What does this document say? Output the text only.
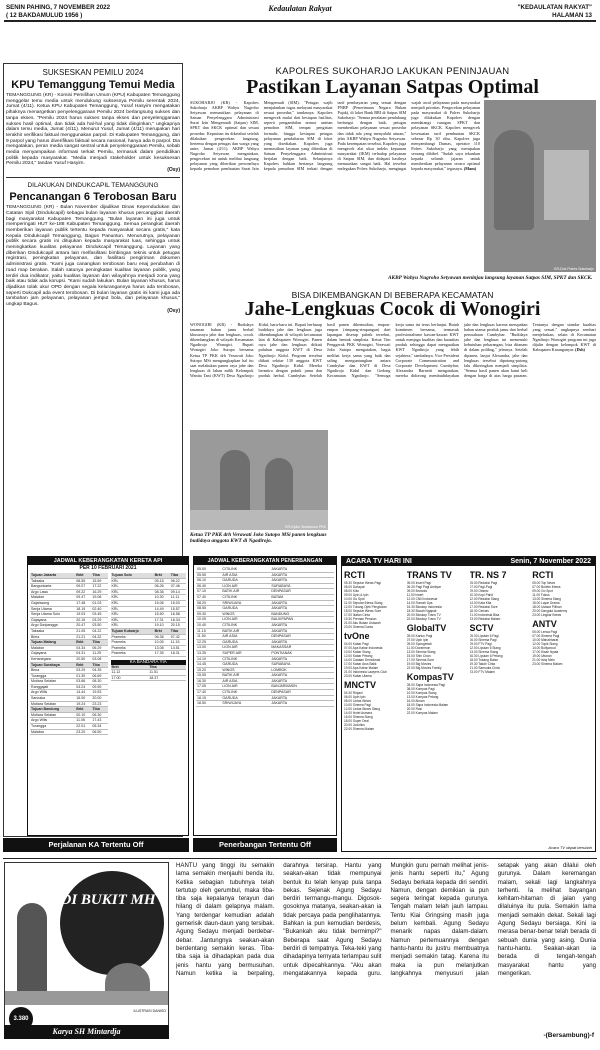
SENIN PAHING, 7 NOVEMBER 2022
( 12 BAKDAMULUD 1956 )
Kedaulatan Rakyat	"KEDAULATAN RAKYAT"
HALAMAN 13
SUKSESKAN PEMILU 2024
KPU Temanggung Temui Media
TEMANGGUNG (KR) - Komisi Pemilihan Umum (KPU) Kabupaten Temanggung menggelar temu media untuk mendukung suksesnya Pemilu serentak 2024, Jumat (4/11). Ketua KPU Kabupaten Temanggung, Yusuf Hasyim mengatakan pihaknya menargetkan penyelenggaraan Pemilu 2024 berlangsung sukses dan tanpa ekses. "Pemilu 2024 harus sukses tanpa ekses dan penyelenggaraan sukses hasil optimal, dan tidak ada hal-hal yang tidak diinginkan," ungkapnya dalam temu media, Jumat (4/11). Menurut Yusuf, Jumat (4/11) merupakan hari terakhir verifikasi faktual menggunakan parpol. Di Kabupaten Temanggung, dari 9 parpol yang harus diverifikasi faktual secara nasional, hanya ada 6 parpol. Dia mengatakan, peran media sangat sentral untuk penyelenggaraan Pemilu, sebab media menyampaikan informasi terkait Pemilu, termasuk dalam pendidikan politik kepada masyarakat. "Media menjadi stakeholder untuk kesuksesan Pemilu 2024," tandas Yusuf Hasyim.
(Osy)
DILAKUKAN DINDUKCAPIL TEMANGGUNG
Pencanangan 6 Terobosan Baru
TEMANGGUNG (KR) - Bulan November dijadikan Dinas Kependudukan dan Catatan Sipil (Dindukcapil) sebagai bulan layanan khusus percanggkat daerah bagi masyarakat Kabupaten Temanggung. "Bulan layanan ini juga untuk memperingati HUT ke-188 Kabupaten Temanggung. Semua perangkat daerah memberikan layanan publik tertentu kepada masyarakat secara gratis," kata Kepala Dindukcapil Temanggung, Bagus Panuntun. Menurutnya, pelayanan publik secara gratis ini ditujukan kepada masyarakat luas, sehingga untuk meningkatkan kualitas pelayanan Dindukcapil Temanggung. Layanan yang diberikan Dindukcapil antara lain melfasilitasi bimbingan teknis untuk petugas registrasi, peningkatan pelayanan, dan fasilitasi pengiriman dokumen administrasi gratis. "Kami juga canangkan terobosan baru enaj perubahan di road map berakan. Salah satunya peningkatan kualitas layanan publik, yang terdiri dua indikator, yaitu kualitas layanan dan wilayahnya menjadi zona yang baik atau tidak ada korupsi. "Kami sudah lakukan. Bulan layanan khusus, harus dijadikan tolak ukur OPD dengan segala kelurangannya harus ada terobosan, seperti Dukcapil ada event terobosan. Di bulan layanan gratis ini kami juga ada tambahan jam pelayanan, pelayanan jemput bola, dan pelayanan khusus," ungkap Bagus.
(Osy)
KAPOLRES SUKOHARJO LAKUKAN PENINJAUAN
Pastikan Layanan Satpas Optimal
SUKOHARJO (KR) - Kapolres Sukoharjo AKBP Wahyu Nugroho Setyawan memastikan pelayanan di Satuan Penyelenggara Administrasi Surat Izin Mengemudi (Satpas) SIM, SPKT dan SKCK optimal dan sesuai prosedur. Kepastian itu diketahui setelah dilakukan pengecekan langsung, bertemu dengan petugas dan warga yang antre, Jumat (4/11). AKBP Wahyu Nugroho Setyawan mengatakan, pengecekan ini untuk melihat langsung pelayanan yang diberikan personelnya kepada pemohon pembuatan Surat Izin Mengemudi (SIM). "Petugas wajib menjalankan tugas melayani masyarakat sesuai prosedur," tandasnya. Kapolres mengecek mulai dari kesiapan fasilitas, seperti pengambilan nomor antrian pemohon SIM, tempat pengisian formulir, hingga kesiapan petugas pelayanan pendaftaran SIM di loket yang disediakan. Kapolres juga memastikan layanan yang diberikan di Satuan Penyelenggara Administrasi berjalan dengan baik. Selanjutnya Kapolres bahkan bertanya langsung kepada pemohon SIM terkait dengan tarif pembayaran yang sesuai dengan PNBP (Penerimaan Negara Bukan Pajak), di loket Bank BRI di Satpas SIM Sukoharjo. "Semua peralatan pendukung berfungsi dengan baik, petugas memberikan pelayanan sesuai prosedur dan tidak ada yang menyalahi aturan," jelas AKBP Wahyu Nugroho Setyawan. Pada kesempatan tersebut, Kapolres juga mengecek alat ukur indeks kepuasan masyarakat (IKM) terhadap pelayanan di Satpas SIM, dan didapati hasilnya memuaskan sangat baik. Hal tersebut melegakan Polres Sukoharjo, mengingat wajah awal pelayanan pada masyarakat menjadi prioritas. Pengecekan pelayanan pada masyarakat di Polres Sukoharjo juga dilakukan Kapolres dengan mendatangi ruangan SPKT dan pelayanan SKCK. Kapolres mengecek kesesuaian tarif pembuatan SKCK sebesar Rp 30 ribu. Kapolres juga menyambangi Dumas, operator 110 Polres Sukoharjo yang merupakan seorang dibibel. "Sudah saya tekankan kepada seluruh jajaran untuk memberikan pelayanan secara optimal kepada masyarakat," tegasnya. (Mam)
KR-Dok Polres Sukoharjo
AKBP Wahyu Nugroho Setyawan meninjau langsung layanan Satpas SIM, SPKT dan SKCK.
BISA DIKEMBANGKAN DI BEBERAPA KECAMATAN
Jahe-Lengkuas Cocok di Wonogiri
WONOGIRI (KR) - Budidaya tanaman bahan jamu herbal khususnya jahe dan lengkuas, cocok dikembangkan di wilayah Kecamatan Ngadirojo Wonogiri. Bupati Wonogiri Joko Sutopo bersama Ketua TP PKK drh Verawati Joko Sutopo MSi mengungkapkan hal itu saat melakukan panen raya jahe dan lengkuas di lahan milik Kelompok Wanita Tani (KWT) Desa Ngadirojo Kidul, baru-baru ini. Bupati berharap budidaya jahe dan lengkuas juga dikembangkan di wilayah kecamatan lain di Kabupaten Wonogiri. Panen raya jahe dan lengkuas diikuti puluhan anggota KWT di Desa Ngadirojo Kidul. Program tersebut diikuti sekitar 130 anggota KWT Desa Ngadirojo Kidul. Mereka bermitra dengan pabrik jamu dan produk herbal. Cumbyhar. Setelah hasil panen dikemudian, empon-empon (rimpang-rimpangan) dari lapangan diserap pabrik tersebut, dalam bentuk simplisia. Ketua Tim Penggerak PKK Wonogiri, Verawati Joko Sutopo mengatakan, bagia melihat kerja sama yang baik dan saling menguntungkan antara Cumbyhar dan KWT di Desa Ngadirojo Kidul dan Gedong Kecamatan Ngadirojo. "Semoga kerja sama ini terus berlanjut. Butuh komitmen bersama, termasuk profesionalisme kawan-kawan KWT untuk menjaga kualitas dan kuantitas produk sehingga dapat menguatkan KWT Ngadirojo yang lebih sejahtera," tambahnya. Vice President Corporate Communication and Corporate Development Cumbyhar, Alexandra Barnetti mengatakan, mereka didorong membudidayakan jahe dan lengkuas karena merupakan bahan utama produk jamu dan herbal perusahaan Cumbyhar. "Budidaya jahe dan lengkuas ini memenuhi kebutuhan pekarangan, bisa ditanam di dalam polibag," jelasnya. Setelah dipanen, lanjut Alexandra, jahe dan lengkuas tersebut dipotong-potong lalu dikeringkan menjadi simplisia. "Semua hasil panen akan kami beli dengan harga di atas harga pasaran. Tentunya dengan standar kualitas yang sesuai," ungkapnya sembari menjelaskan, selain di Kecamatan Ngadirojo Wonogiri program ini juga dijalin dengan kelompok KWT di Kabupaten Karanganyar. (Dsh)
KR-Djoko Sudarsono PKK
Ketua TP PKK drh Verawati Joko Sutopo MSi panen lengkuas budidaya anggota KWT di Ngadirojo.
JADWAL KEBERANGKATAN KERETA API
PER 10 FEBRUARI 2021
Tujuan Jakarta	Brkt	Tiba
Taksaka	08.55	15.59
Bangunkarta	09.07	17.22
Argo Lawu	09.22	16.29
Malabar	09.47	19.08
Gajahwong	17.48	01.03
Senja Utama	18.19	02.40
Senja Utama Solo	19.03	03.45
Gajayana	20.15	03.29
Argo Dwipangga	20.47	03.50
Taksaka	21.05	04.22
Bima	21.21	04.32
Tujuan Malang	Brkt	Tiba
Malabar	04.34	06.29
Gajayana	04.31	11.25
Kertanegara	20.50	03.08
Tujuan Surabaya	Brkt	Tiba
Bima	03.29	04.35
Turangga	01.30	06.69
Mutiara Selatan	03.66	08.30
Ranggajati	04.24	09.59
Argo Wilis	14.44	19.53
Sancaka	16.00	20.00
Mutiara Selatan	19.24	23.23
Tujuan Bandung	Brkt	Tiba
Mutiara Selatan	00.10	06.30
Argo Wilis	11.06	17.43
Turangga	22.01	05.34
Malabar	23.20	06.50
Tujuan Solo	Brkt	Tiba
KRL	05.15	06.22
KRL	06.26	07.46
KRL	08.36	09.14
KRL	10.30	11.11
KRL	15.06	15.03
KRL	14.49	15.57
KRL	15.50	16.58
KRL	17.31	18.34
KRL	19.10	20.15
Tujuan Kutoarjo	Brkt	Tiba
Prameks	06.36	07.42
Prameks	10.05	11.15
Prameks	13.08	14.51
Prameks	17.35	18.31
KA BANDARA YIA
Brkt	Tiba
11.12	11.51
17.00	18.37
Perjalanan KA Tertentu Off
JADWAL KEBERANGKATAN PENERBANGAN
05.00	CITILINK	JAKARTA
05.55	AIR ASIA	JAKARTA
06.10	GARUDA	JAKARTA
06.40	LION AIR	SURABAYA
07.10	BATIK AIR	DENPASAR
07.40	CITILINK	BATAM
08.20	SRIWIJAYA	JAKARTA
08.55	GARUDA	JAKARTA
09.30	WINGS	BANDUNG
10.05	LION AIR	BALIKPAPAN
10.40	CITILINK	JAKARTA
11.15	BATIK AIR	JAKARTA
11.50	AIR ASIA	DENPASAR
12.25	GARUDA	JAKARTA
13.00	LION AIR	MAKASSAR
13.35	SUPER AIR	PONTIANAK
14.10	CITILINK	JAKARTA
14.45	GARUDA	SURABAYA
15.20	WINGS	LOMBOK
15.55	BATIK AIR	JAKARTA
16.30	AIR ASIA	JAKARTA
17.05	LION AIR	BANJARMASIN
17.40	CITILINK	DENPASAR
18.15	GARUDA	JAKARTA
18.50	SRIWIJAYA	JAKARTA
Penerbangan Tertentu Off
ACARA TV HARI INI	Senin, 7 November 2022
RCTI
05.30 Seputar iNews Pagi
06.00 Dahsyat
08.00 Kiko
09.00 Upin & Ipin
10.00 Go Spot
11.00 Seputar iNews Siang
12.00 Tukang Ojek Pengkolan
15.00 Seputar iNews Sore
17.00 Ikatan Cinta
19.30 Preman Pensiun
21.00 Aku Bukan Ustazah
23.00 Sinema Dunia
tvOne
04.00 Kabar Pagi
07.00 Apa Kabar Indonesia
10.00 Kabar Siang
12.00 Kabar Petang
14.00 Catatan Demokrasi
17.00 Kabar Arus Balik
19.00 Apa Kabar Malam
21.00 Indonesia Lawyers Club
23.00 Kabar Utama
MNCTV
04.30 Rinjani
06.00 Upin Ipin
08.00 Lintas iNews
10.00 Sinema Pagi
12.00 Lintas iNews Siang
14.00 Hotel Asmara
16.00 Sinema Siang
18.00 Super Deal
20.00 Jodohku
22.00 Sinema Malam
TRANS TV
05.00 Insert Pagi
06.30 Pagi Pagi Ambyar
09.00 Brownis
11.00 Insert
12.00 CNN Indonesia
14.00 Rumah Uya
16.30 Bioskop Indonesia
18.30 Bocah Ngapak
20.00 Bioskop Trans TV
22.00 Bioskop Trans TV
GlobalTV
05.00 Kartun Pagi
07.00 Upin Ipin
09.00 Spongebob
11.00 Doraemon
13.00 Sinema Siang
15.00 Shin Chan
17.00 Sinema Sore
19.00 Big Movies
22.00 Big Movies Family
KompasTV
05.00 Sapa Indonesia Pagi
08.00 Kompas Pagi
10.00 Kompas Siang
13.00 Kompas Petang
16.00 Aiman
18.00 Sapa Indonesia Malam
20.00 Rosi
22.00 Kompas Malam
TR. NS 7
05.00 Redaksi Pagi
07.00 Pagi-Pagi
09.00 Obsesi
10.30 Kopi Pahit
12.00 Redaksi Siang
14.00 Kata Kita
17.00 Redaksi Sore
18.30 Ceriwis
21.00 Indonesia Bisa
23.00 Redaksi Malam
SCTV
05.30 Liputan 6 Pagi
06.00 Sinema Pagi
09.00 FTV Pagi
12.00 Liputan 6 Siang
13.00 Sinema Siang
16.30 Liputan 6 Petang
18.00 Tukang Bubur
19.30 Takdir Cinta
21.00 Samudra Cinta
23.00 FTV Malam
RCTI
05.00 Top News
07.00 Buletin iNews
09.00 Go Spot
11.00 Fokus
13.00 Sinema Siang
15.00 Layar Drama
18.00 Ustadz Pilihan
20.00 Dangdut Academy
23.00 Lingkar iNews
ANTV
05.00 Lensa Pagi
07.00 Sinema Pagi
10.00 Mahabharat
12.00 Topik Siang
14.00 Bollywood
17.00 Kisah Nyata
19.00 Uttaran
21.00 Ishq Mein
23.00 Sinema Malam
Acara TV dapat berubah
DI BUKIT MH
3.380
ILUSTRASI DANISO
Karya SH Mintardja
HANTU yang tinggi itu semakin lama semakin menjauhi benda itu. Ketika sebagian tubuhnya telah tertutup oleh gerumbul, maka tiba-tiba saja kepalanya terayun dan hilang di dalam gelapnya malam. Yang terdengar kemudian adalah gemerisik daun-daun yang tersibak. Agung Sedayu menjadi berdebar-debar. Jantungnya seakan-akan berdentang semakin keras. Tiba-tiba saja ia dihadapkan pada dua jenis hantu yang bermusuhan. Namun ketika ia berpaling, darahnya tersirap. Hantu yang seakan-akan tidak mempunyai bentuk itu telah lenyap pula tanpa bekas. Sejenak Agung Sedayu berdiri termangu-mangu. Digosok-gosoknya matanya, seakan-akan ia tidak percaya pada penglihatannya. Bahkan ia pun kemudian berdesis, "Bukankah aku tidak bermimpi?" Beberapa saat Agung Sedayu berdiri di tempatnya. Teka-teki yang dihadapinya ternyata terlampau sulit untuk dipecahkannya. "Aku akan mengatakannya kepada guru. Mungkin guru pernah melihat jenis-jenis hantu seperti itu," Agung Sedayu berkata kepada diri sendiri. Namun, dengan demikian ia pun segera teringat kepada gurunya. Tengah malam telah jauh lampau. Tentu Kiai Gringsing masih juga belum kembali. Agung Sedayu menarik napas dalam-dalam. Namun pertemuannya dengan hantu-hantu itu justru membuatnya menjadi semakin tatag. Karena itu maka ia pun melanjutkan langkahnya menyusuri jalan setapak yang akan dilalui oleh gurunya. Dalam keremangan malam, sekali lagi langkahnya terhenti. Ia melihat bayangan kehitam-hitaman di jalan yang dilaluinya itu pula. Semakin lama menjadi semakin dekat. Sekali lagi Agung Sedayu bersiaga. Kini ia merasa benar-benar telah berada di sebuah dunia yang asing. Dunia hantu-hantu. Seakan-akan ia berada di tengah-tengah masyarakat hantu yang mengerikan.
-(Bersambung)-f
